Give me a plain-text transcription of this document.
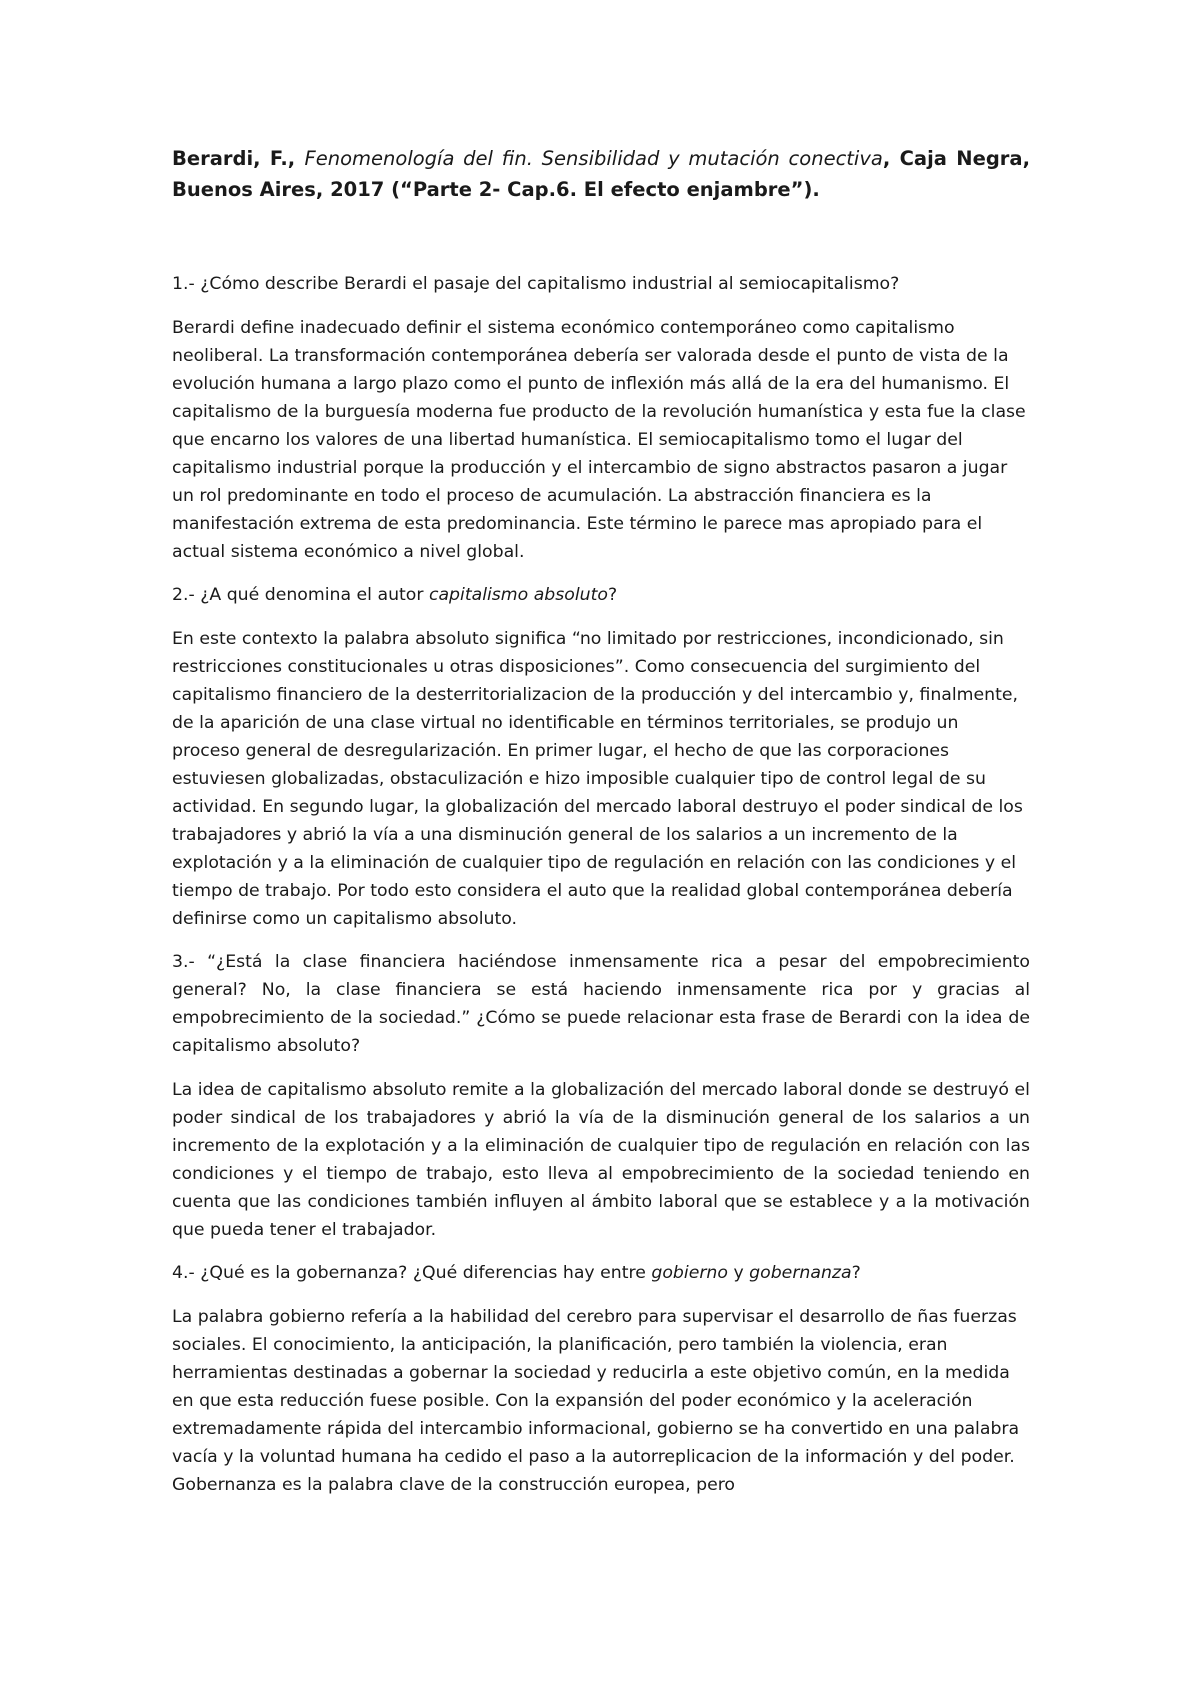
Berardi, F., Fenomenología del fin. Sensibilidad y mutación conectiva, Caja Negra, Buenos Aires, 2017 (“Parte 2- Cap.6. El efecto enjambre”).

1.- ¿Cómo describe Berardi el pasaje del capitalismo industrial al semiocapitalismo?

Berardi define inadecuado definir el sistema económico contemporáneo como capitalismo neoliberal. La transformación contemporánea debería ser valorada desde el punto de vista de la evolución humana a largo plazo como el punto de inflexión más allá de la era del humanismo. El capitalismo de la burguesía moderna fue producto de la revolución humanística y esta fue la clase que encarno los valores de una libertad humanística. El semiocapitalismo tomo el lugar del capitalismo industrial porque la producción y el intercambio de signo abstractos pasaron a jugar un rol predominante en todo el proceso de acumulación. La abstracción financiera es la manifestación extrema de esta predominancia. Este término le parece mas apropiado para el actual sistema económico a nivel global.

2.- ¿A qué denomina el autor capitalismo absoluto?

En este contexto la palabra absoluto significa “no limitado por restricciones, incondicionado, sin restricciones constitucionales u otras disposiciones”. Como consecuencia del surgimiento del capitalismo financiero de la desterritorializacion de la producción y del intercambio y, finalmente, de la aparición de una clase virtual no identificable en términos territoriales, se produjo un proceso general de desregularización. En primer lugar, el hecho de que las corporaciones estuviesen globalizadas, obstaculización e hizo imposible cualquier tipo de control legal de su actividad. En segundo lugar, la globalización del mercado laboral destruyo el poder sindical de los trabajadores y abrió la vía a una disminución general de los salarios a un incremento de la explotación y a la eliminación de cualquier tipo de regulación en relación con las condiciones y el tiempo de trabajo. Por todo esto considera el auto que la realidad global contemporánea debería definirse como un capitalismo absoluto.

3.- “¿Está la clase financiera haciéndose inmensamente rica a pesar del empobrecimiento general? No, la clase financiera se está haciendo inmensamente rica por y gracias al empobrecimiento de la sociedad.” ¿Cómo se puede relacionar esta frase de Berardi con la idea de capitalismo absoluto?

La idea de capitalismo absoluto remite a la globalización del mercado laboral donde se destruyó el poder sindical de los trabajadores y abrió la vía de la disminución general de los salarios a un incremento de la explotación y a la eliminación de cualquier tipo de regulación en relación con las condiciones y el tiempo de trabajo, esto lleva al empobrecimiento de la sociedad teniendo en cuenta que las condiciones también influyen al ámbito laboral que se establece y a la motivación que pueda tener el trabajador.

4.- ¿Qué es la gobernanza? ¿Qué diferencias hay entre gobierno y gobernanza?

La palabra gobierno refería a la habilidad del cerebro para supervisar el desarrollo de ñas fuerzas sociales. El conocimiento, la anticipación, la planificación, pero también la violencia, eran herramientas destinadas a gobernar la sociedad y reducirla a este objetivo común, en la medida en que esta reducción fuese posible. Con la expansión del poder económico y la aceleración extremadamente rápida del intercambio informacional, gobierno se ha convertido en una palabra vacía y la voluntad humana ha cedido el paso a la autorreplicacion de la información y del poder. Gobernanza es la palabra clave de la construcción europea, pero
